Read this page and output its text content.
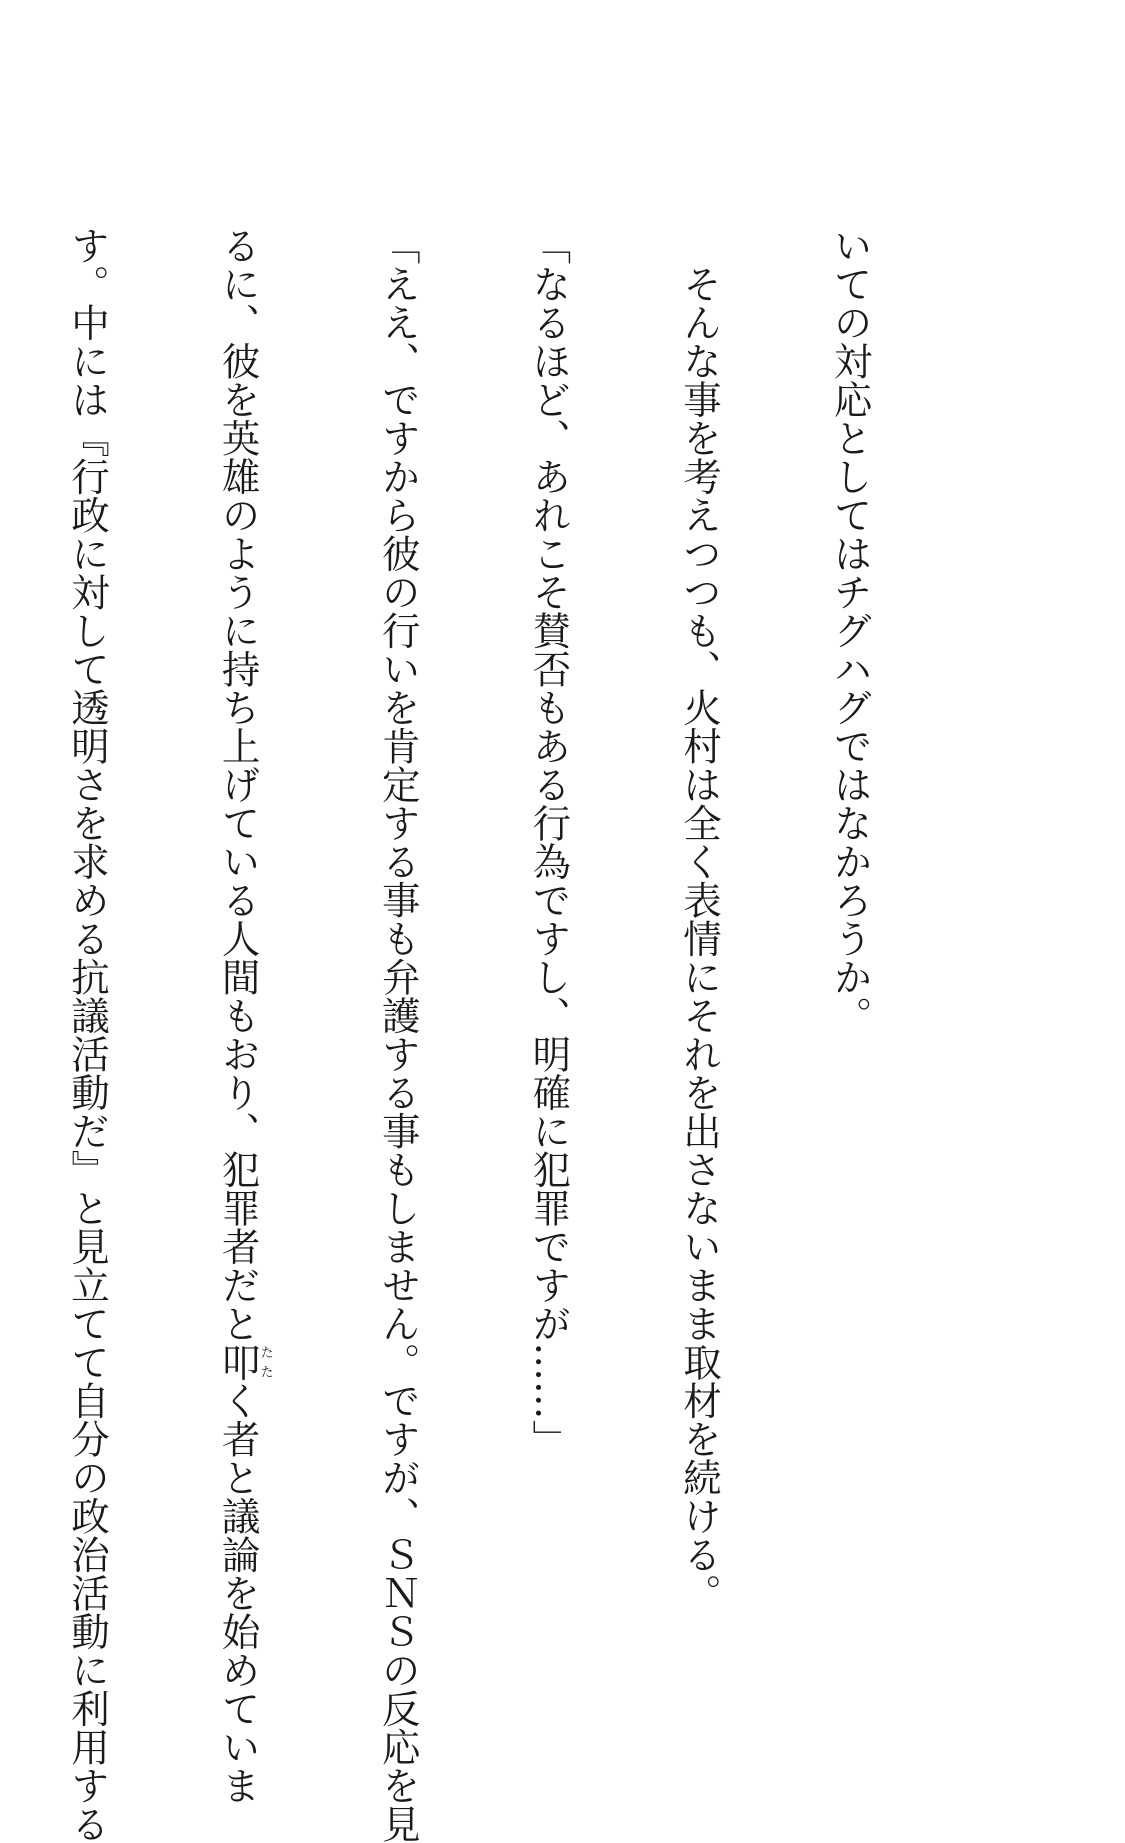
いての対応としてはチグハグではなかろうか。

　そんな事を考えつつも、火村は全く表情にそれを出さないまま取材を続ける。

「なるほど、あれこそ賛否もある行為ですし、明確に犯罪ですが……」

「ええ、ですから彼の行いを肯定する事も弁護する事もしません。ですが、ＳＮＳの反応を見

るに、彼を英雄のように持ち上げている人間もおり、犯罪者だと叩たたく者と議論を始めていま

す。中には『行政に対して透明さを求める抗議活動だ』と見立てて自分の政治活動に利用する
